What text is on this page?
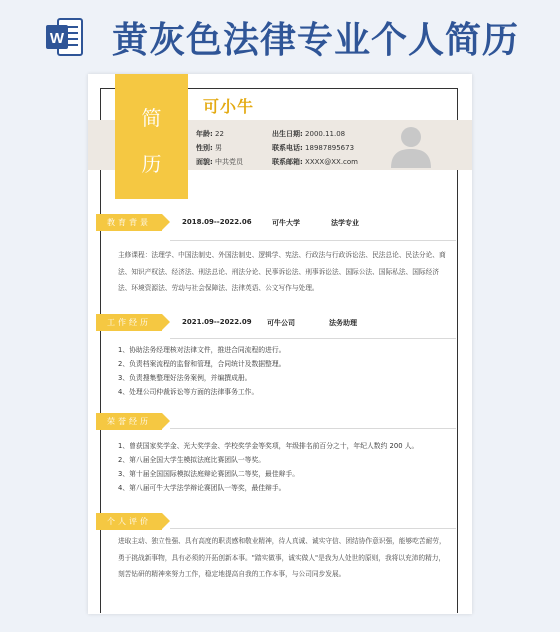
W 黄灰色法律专业个人简历
简
历
可小牛
年龄: 22	出生日期: 2000.11.08
性别: 男	联系电话: 18987895673
面貌: 中共党员	联系邮箱: XXXX@XX.com
教育背景	2018.09--2022.06	可牛大学	法学专业

主修课程：法理学、中国法制史、外国法制史、逻辑学、宪法、行政法与行政诉讼法、民法总论、民法分论、商法、知识产权法、经济法、刑法总论、刑法分论、民事诉讼法、刑事诉讼法、国际公法、国际私法、国际经济法、环境资源法、劳动与社会保障法、法律英语、公文写作与处理。

工作经历	2021.09--2022.09 可牛公司	法务助理
1、协助法务经理核对法律文件，推进合同流程的进行。
2、负责档案流程的监督和管理，合同统计及数据整理。
3、负责搜集整理好法务案例，并编撰成册。
4、处理公司仲裁诉讼等方面的法律事务工作。
荣誉经历
1、曾获国家奖学金、光大奖学金、学校奖学金等奖项，年级排名前百分之十，年纪人数约 200 人。
2、第八届全国大学生模拟法庭比赛团队一等奖。
3、第十届全国国际模拟法庭辩论赛团队二等奖，最佳辩手。
4、第八届可牛大学法学辩论赛团队一等奖，最佳辩手。
个人评价

进取主动、独立性强、具有高度的职责感和敬业精神，待人真诚、诚实守信、团结协作意识强，能够吃苦耐劳，勇于挑战新事物，具有必须的开拓创新本事。"踏实做事，诚实做人"是我为人处世的原则，我将以充沛的精力，刻苦钻研的精神来努力工作，稳定地提高自我的工作本事，与公司同步发展。
